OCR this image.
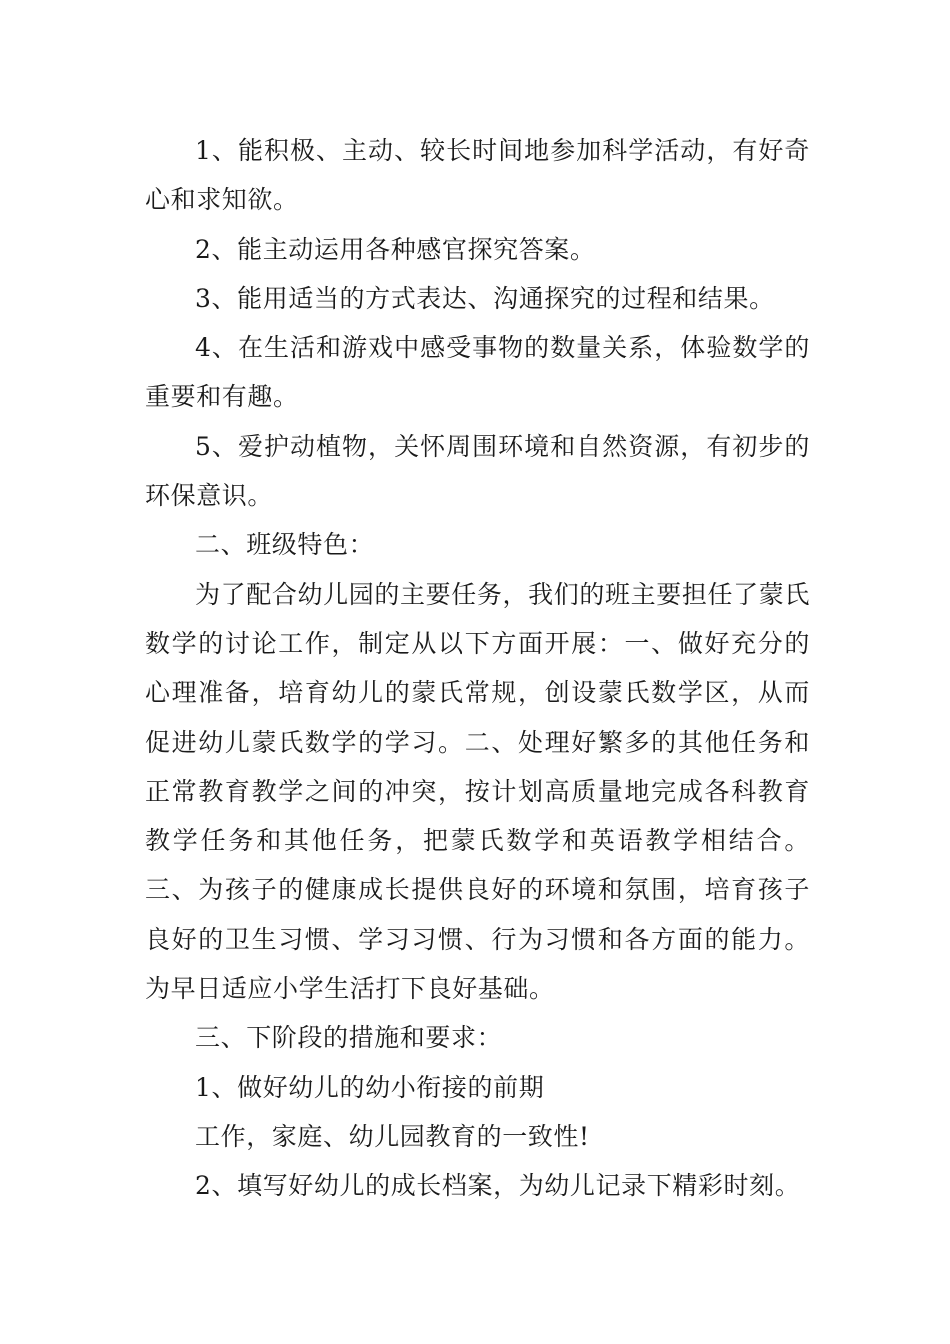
1、能积极、主动、较长时间地参加科学活动，有好奇心和求知欲。

2、能主动运用各种感官探究答案。

3、能用适当的方式表达、沟通探究的过程和结果。

4、在生活和游戏中感受事物的数量关系，体验数学的重要和有趣。

5、爱护动植物，关怀周围环境和自然资源，有初步的环保意识。

二、班级特色：

为了配合幼儿园的主要任务，我们的班主要担任了蒙氏数学的讨论工作，制定从以下方面开展：一、做好充分的心理准备，培育幼儿的蒙氏常规，创设蒙氏数学区，从而促进幼儿蒙氏数学的学习。二、处理好繁多的其他任务和正常教育教学之间的冲突，按计划高质量地完成各科教育教学任务和其他任务，把蒙氏数学和英语教学相结合。三、为孩子的健康成长提供良好的环境和氛围，培育孩子良好的卫生习惯、学习习惯、行为习惯和各方面的能力。为早日适应小学生活打下良好基础。

三、下阶段的措施和要求：

1、做好幼儿的幼小衔接的前期

工作，家庭、幼儿园教育的一致性!

2、填写好幼儿的成长档案，为幼儿记录下精彩时刻。
